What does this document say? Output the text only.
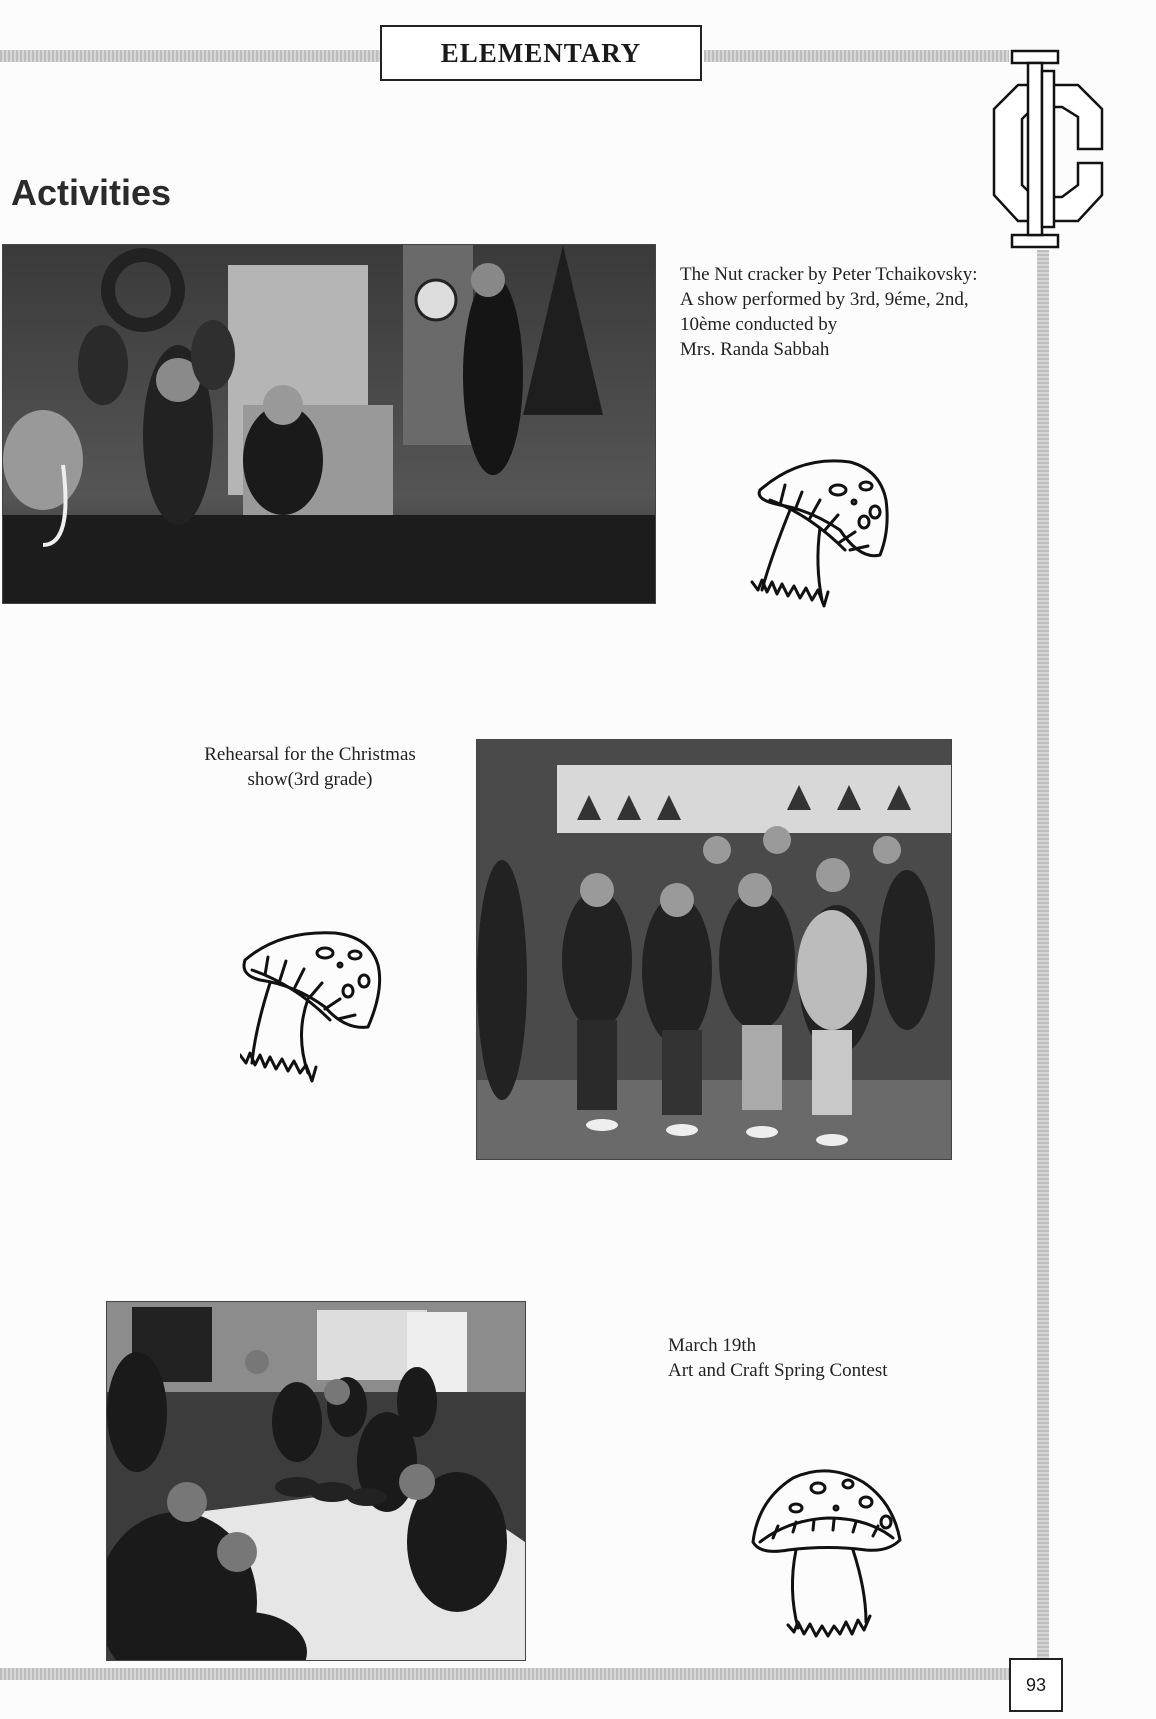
ELEMENTARY
Activities
The Nut cracker by Peter Tchaikovsky:
A show performed by 3rd, 9éme, 2nd,
10ème conducted by
Mrs. Randa Sabbah
Rehearsal for the Christmas
show(3rd grade)
March 19th
Art and Craft Spring Contest
93
